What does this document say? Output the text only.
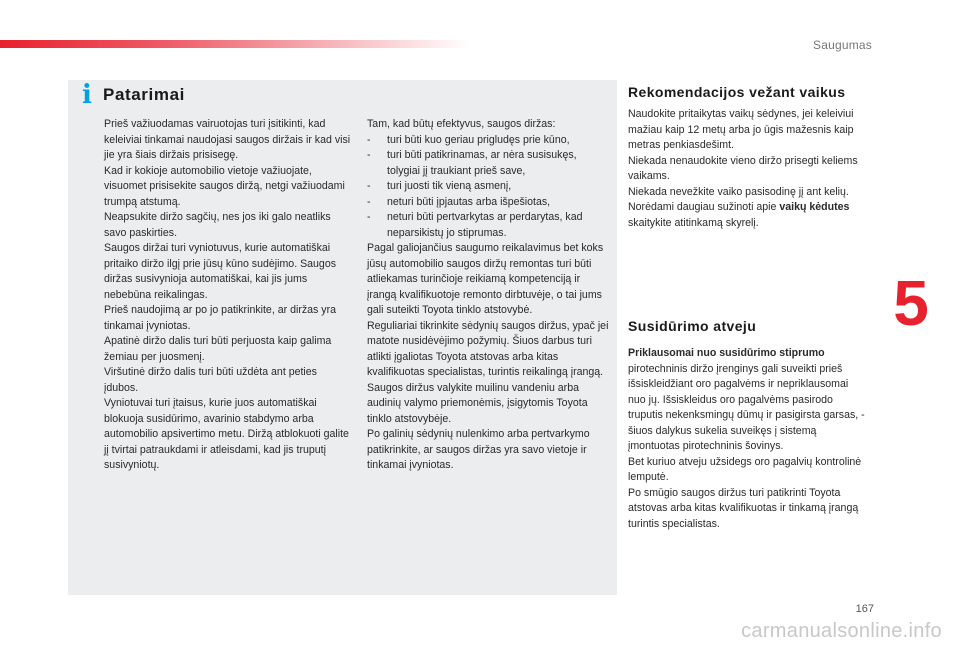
Saugumas
i Patarimai

Prieš važiuodamas vairuotojas turi įsitikinti, kad keleiviai tinkamai naudojasi saugos diržais ir kad visi jie yra šiais diržais prisisegę.

Kad ir kokioje automobilio vietoje važiuojate, visuomet prisisekite saugos diržą, netgi važiuodami trumpą atstumą.

Neapsukite diržo sagčių, nes jos iki galo neatliks savo paskirties.

Saugos diržai turi vyniotuvus, kurie automatiškai pritaiko diržo ilgį prie jūsų kūno sudėjimo. Saugos diržas susivynioja automatiškai, kai jis jums nebebūna reikalingas.

Prieš naudojimą ar po jo patikrinkite, ar diržas yra tinkamai įvyniotas.

Apatinė diržo dalis turi būti perjuosta kaip galima žemiau per juosmenį.

Viršutinė diržo dalis turi būti uždėta ant peties įdubos.

Vyniotuvai turi įtaisus, kurie juos automatiškai blokuoja susidūrimo, avarinio stabdymo arba automobilio apsivertimo metu. Diržą atblokuoti galite jį tvirtai patraukdami ir atleisdami, kad jis truputį susivyniotų.

Tam, kad būtų efektyvus, saugos diržas:

- turi būti kuo geriau prigludęs prie kūno,
- turi būti patikrinamas, ar nėra susisukęs, tolygiai jį traukiant prieš save,
- turi juosti tik vieną asmenį,
- neturi būti įpjautas arba išpešiotas,
- neturi būti pertvarkytas ar perdarytas, kad neparsikistų jo stiprumas.

Pagal galiojančius saugumo reikalavimus bet koks jūsų automobilio saugos diržų remontas turi būti atliekamas turinčioje reikiamą kompetenciją ir įrangą kvalifikuotoje remonto dirbtuvėje, o tai jums gali suteikti Toyota tinklo atstovybė.

Reguliariai tikrinkite sėdynių saugos diržus, ypač jei matote nusidėvėjimo požymių. Šiuos darbus turi atlikti įgaliotas Toyota atstovas arba kitas kvalifikuotas specialistas, turintis reikalingą įrangą.

Saugos diržus valykite muilinu vandeniu arba audinių valymo priemonėmis, įsigytomis Toyota tinklo atstovybėje.

Po galinių sėdynių nulenkimo arba pertvarkymo patikrinkite, ar saugos diržas yra savo vietoje ir tinkamai įvyniotas.

Rekomendacijos vežant vaikus

Naudokite pritaikytas vaikų sėdynes, jei keleiviui mažiau kaip 12 metų arba jo ūgis mažesnis kaip metras penkiasdešimt.

Niekada nenaudokite vieno diržo prisegti keliems vaikams.

Niekada nevežkite vaiko pasisodinę jį ant kelių.

Norėdami daugiau sužinoti apie vaikų kėdutes skaitykite atitinkamą skyrelį.

Susidūrimo atveju

Priklausomai nuo susidūrimo stiprumo pirotechninis diržo įrenginys gali suveikti prieš išsiskleidžiant oro pagalvėms ir nepriklausomai nuo jų. Išsiskleidus oro pagalvėms pasirodo truputis nekenksmingų dūmų ir pasigirsta garsas, - šiuos dalykus sukelia suveikęs į sistemą įmontuotas pirotechninis šovinys.

Bet kuriuo atveju užsidegs oro pagalvių kontrolinė lemputė.

Po smūgio saugos diržus turi patikrinti Toyota atstovas arba kitas kvalifikuotas ir tinkamą įrangą turintis specialistas.

5
167
carmanualsonline.info
